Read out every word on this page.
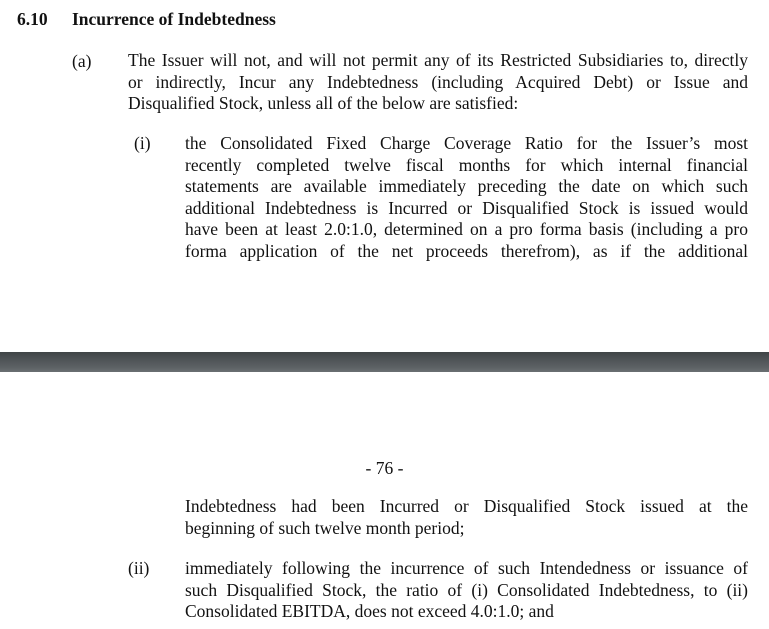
6.10 Incurrence of Indebtedness
(a) The Issuer will not, and will not permit any of its Restricted Subsidiaries to, directly
or indirectly, Incur any Indebtedness (including Acquired Debt) or Issue and
Disqualified Stock, unless all of the below are satisfied:
(i) the Consolidated Fixed Charge Coverage Ratio for the Issuer’s most
recently completed twelve fiscal months for which internal financial
statements are available immediately preceding the date on which such
additional Indebtedness is Incurred or Disqualified Stock is issued would
have been at least 2.0:1.0, determined on a pro forma basis (including a pro
forma application of the net proceeds therefrom), as if the additional
- 76 -
Indebtedness had been Incurred or Disqualified Stock issued at the
beginning of such twelve month period;
(ii) immediately following the incurrence of such Intendedness or issuance of
such Disqualified Stock, the ratio of (i) Consolidated Indebtedness, to (ii)
Consolidated EBITDA, does not exceed 4.0:1.0; and
